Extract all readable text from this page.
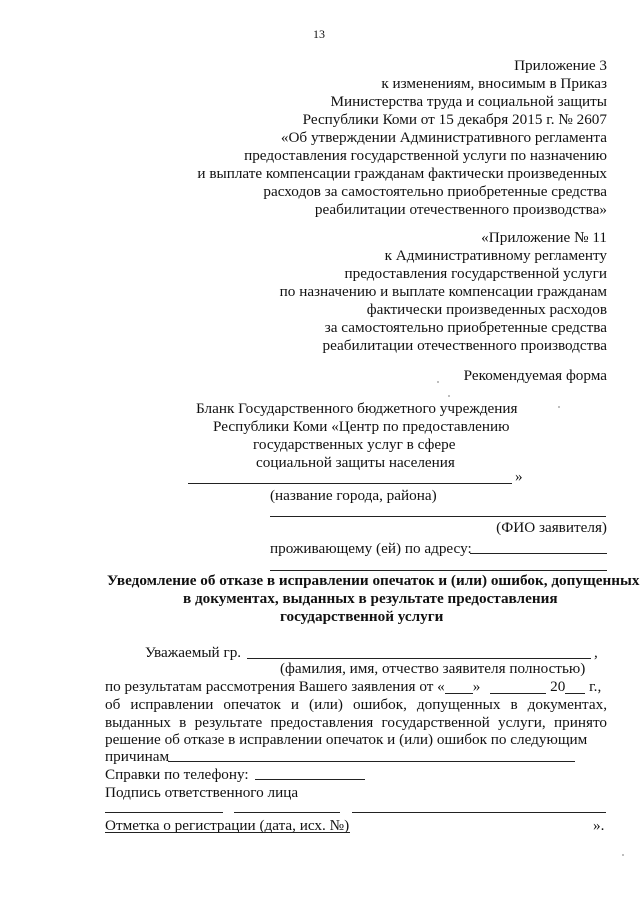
13
Приложение 3
к изменениям, вносимым в Приказ
Министерства труда и социальной защиты
Республики Коми от 15 декабря 2015 г. № 2607
«Об утверждении Административного регламента
предоставления государственной услуги по назначению
и выплате компенсации гражданам фактически произведенных
расходов за самостоятельно приобретенные средства
реабилитации отечественного производства»
«Приложение № 11
к Административному регламенту
предоставления государственной услуги
по назначению и выплате компенсации гражданам
фактически произведенных расходов
за самостоятельно приобретенные средства
реабилитации отечественного производства
Рекомендуемая форма
Бланк Государственного бюджетного учреждения
Республики Коми «Центр по предоставлению
государственных услуг в сфере
социальной защиты населения
»
(название города, района)
(ФИО заявителя)
проживающему (ей) по адресу:
Уведомление об отказе в исправлении опечаток и (или) ошибок, допущенных
в документах, выданных в результате предоставления
государственной услуги
Уважаемый гр.	,
(фамилия, имя, отчество заявителя полностью)
по результатам рассмотрения Вашего заявления от « »	20 г.,
об исправлении опечаток и (или) ошибок, допущенных в документах, выданных в результате предоставления государственной услуги, принято решение об отказе в исправлении опечаток и (или) ошибок по следующим
причинам
Справки по телефону:
Подпись ответственного лица
Отметка о регистрации (дата, исх. №)	».
